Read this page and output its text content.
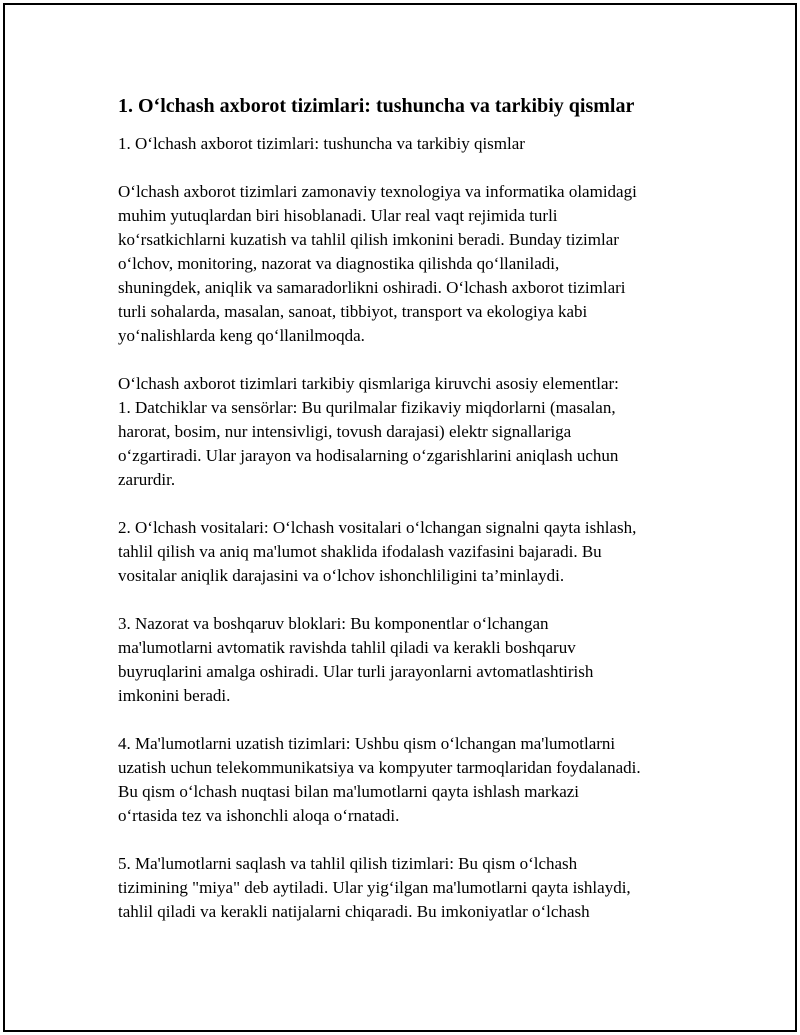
1. O‘lchash axborot tizimlari: tushuncha va tarkibiy qismlar

1. O‘lchash axborot tizimlari: tushuncha va tarkibiy qismlar

O‘lchash axborot tizimlari zamonaviy texnologiya va informatika olamidagi
muhim yutuqlardan biri hisoblanadi. Ular real vaqt rejimida turli
ko‘rsatkichlarni kuzatish va tahlil qilish imkonini beradi. Bunday tizimlar
o‘lchov, monitoring, nazorat va diagnostika qilishda qo‘llaniladi,
shuningdek, aniqlik va samaradorlikni oshiradi. O‘lchash axborot tizimlari
turli sohalarda, masalan, sanoat, tibbiyot, transport va ekologiya kabi
yo‘nalishlarda keng qo‘llanilmoqda.

O‘lchash axborot tizimlari tarkibiy qismlariga kiruvchi asosiy elementlar:
1. Datchiklar va sensörlar: Bu qurilmalar fizikaviy miqdorlarni (masalan,
harorat, bosim, nur intensivligi, tovush darajasi) elektr signallariga
o‘zgartiradi. Ular jarayon va hodisalarning o‘zgarishlarini aniqlash uchun
zarurdir.

2. O‘lchash vositalari: O‘lchash vositalari o‘lchangan signalni qayta ishlash,
tahlil qilish va aniq ma'lumot shaklida ifodalash vazifasini bajaradi. Bu
vositalar aniqlik darajasini va o‘lchov ishonchliligini ta’minlaydi.

3. Nazorat va boshqaruv bloklari: Bu komponentlar o‘lchangan
ma'lumotlarni avtomatik ravishda tahlil qiladi va kerakli boshqaruv
buyruqlarini amalga oshiradi. Ular turli jarayonlarni avtomatlashtirish
imkonini beradi.

4. Ma'lumotlarni uzatish tizimlari: Ushbu qism o‘lchangan ma'lumotlarni
uzatish uchun telekommunikatsiya va kompyuter tarmoqlaridan foydalanadi.
Bu qism o‘lchash nuqtasi bilan ma'lumotlarni qayta ishlash markazi
o‘rtasida tez va ishonchli aloqa o‘rnatadi.

5. Ma'lumotlarni saqlash va tahlil qilish tizimlari: Bu qism o‘lchash
tizimining "miya" deb aytiladi. Ular yig‘ilgan ma'lumotlarni qayta ishlaydi,
tahlil qiladi va kerakli natijalarni chiqaradi. Bu imkoniyatlar o‘lchash
